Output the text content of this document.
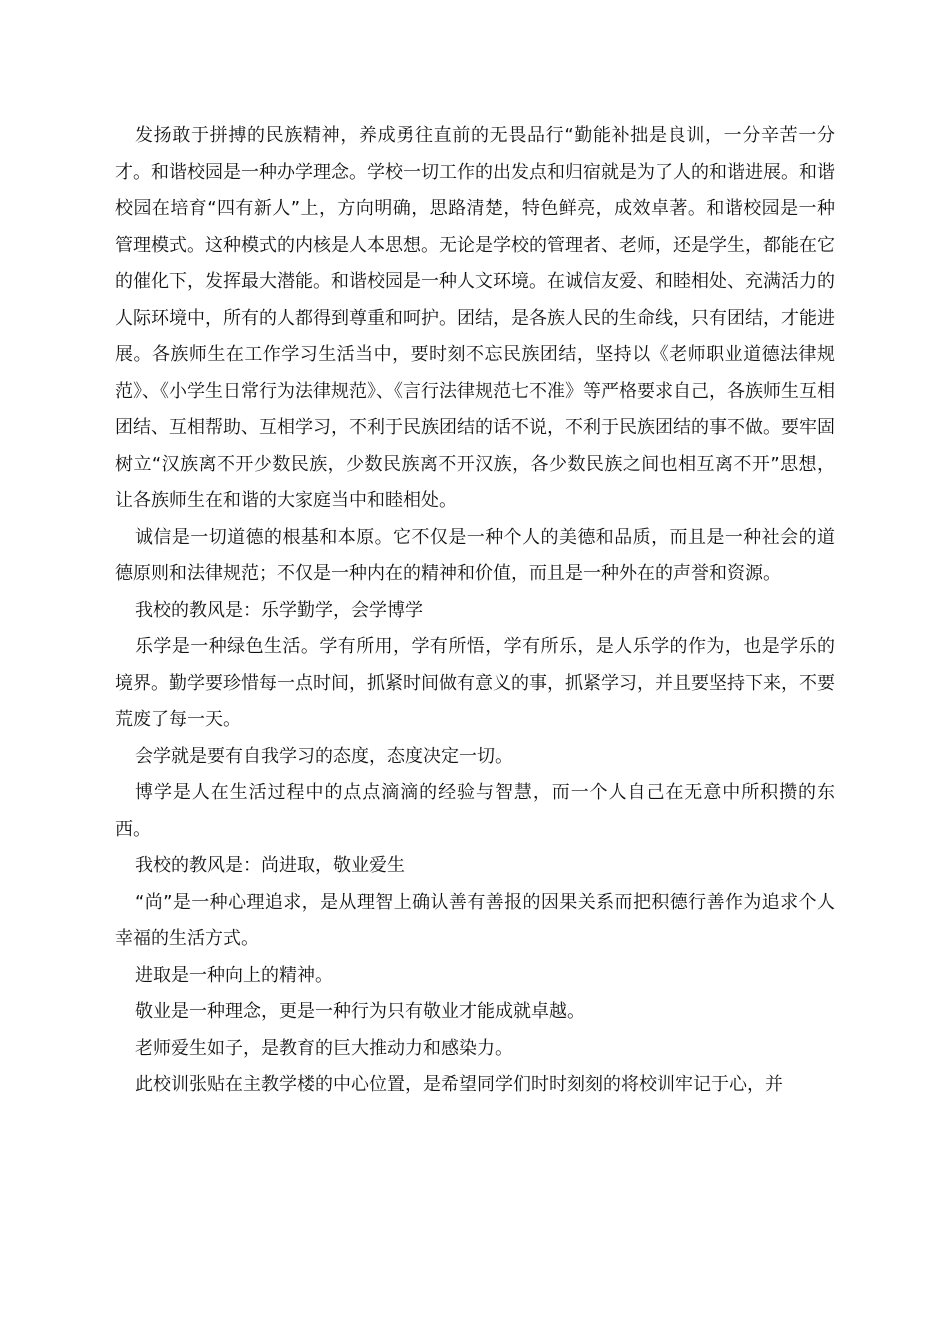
发扬敢于拼搏的民族精神，养成勇往直前的无畏品行“勤能补拙是良训，一分辛苦一分才。和谐校园是一种办学理念。学校一切工作的出发点和归宿就是为了人的和谐进展。和谐校园在培育“四有新人”上，方向明确，思路清楚，特色鲜亮，成效卓著。和谐校园是一种管理模式。这种模式的内核是人本思想。无论是学校的管理者、老师，还是学生，都能在它的催化下，发挥最大潜能。和谐校园是一种人文环境。在诚信友爱、和睦相处、充满活力的人际环境中，所有的人都得到尊重和呵护。团结，是各族人民的生命线，只有团结，才能进展。各族师生在工作学习生活当中，要时刻不忘民族团结，坚持以《老师职业道德法律规范》、《小学生日常行为法律规范》、《言行法律规范七不准》等严格要求自己，各族师生互相团结、互相帮助、互相学习，不利于民族团结的话不说，不利于民族团结的事不做。要牢固树立“汉族离不开少数民族，少数民族离不开汉族，各少数民族之间也相互离不开”思想，让各族师生在和谐的大家庭当中和睦相处。

诚信是一切道德的根基和本原。它不仅是一种个人的美德和品质，而且是一种社会的道德原则和法律规范；不仅是一种内在的精神和价值，而且是一种外在的声誉和资源。

我校的教风是：乐学勤学，会学博学

乐学是一种绿色生活。学有所用，学有所悟，学有所乐，是人乐学的作为，也是学乐的境界。勤学要珍惜每一点时间，抓紧时间做有意义的事，抓紧学习，并且要坚持下来，不要荒废了每一天。

会学就是要有自我学习的态度，态度决定一切。

博学是人在生活过程中的点点滴滴的经验与智慧，而一个人自己在无意中所积攒的东西。

我校的教风是：尚进取，敬业爱生

“尚”是一种心理追求，是从理智上确认善有善报的因果关系而把积德行善作为追求个人幸福的生活方式。

进取是一种向上的精神。

敬业是一种理念，更是一种行为只有敬业才能成就卓越。

老师爱生如子，是教育的巨大推动力和感染力。

此校训张贴在主教学楼的中心位置，是希望同学们时时刻刻的将校训牢记于心，并
